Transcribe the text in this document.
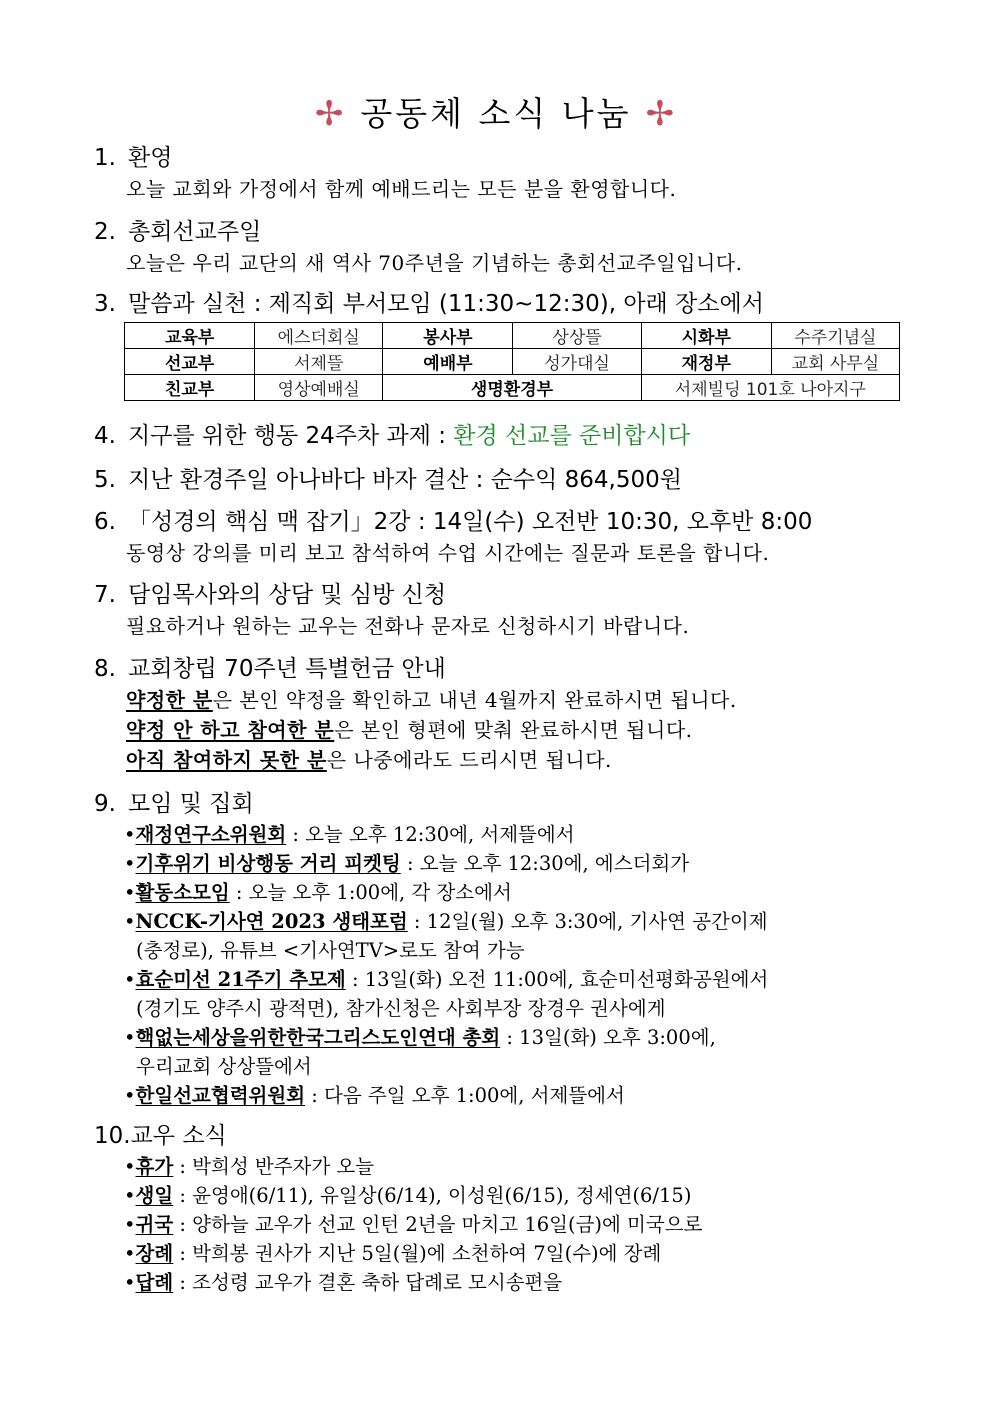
✢ 공동체 소식 나눔 ✢
1. 환영
오늘 교회와 가정에서 함께 예배드리는 모든 분을 환영합니다.
2. 총회선교주일
오늘은 우리 교단의 새 역사 70주년을 기념하는 총회선교주일입니다.
3. 말씀과 실천 : 제직회 부서모임 (11:30~12:30), 아래 장소에서
교육부	에스더회실	봉사부	상상뜰	시화부	수주기념실
선교부	서제뜰	예배부	성가대실	재정부	교회 사무실
친교부	영상예배실	생명환경부		서제빌딩 101호 나아지구	
4. 지구를 위한 행동 24주차 과제 : 환경 선교를 준비합시다
5. 지난 환경주일 아나바다 바자 결산 : 순수익 864,500원
6. 「성경의 핵심 맥 잡기」2강 : 14일(수) 오전반 10:30, 오후반 8:00
동영상 강의를 미리 보고 참석하여 수업 시간에는 질문과 토론을 합니다.
7. 담임목사와의 상담 및 심방 신청
필요하거나 원하는 교우는 전화나 문자로 신청하시기 바랍니다.
8. 교회창립 70주년 특별헌금 안내
약정한 분은 본인 약정을 확인하고 내년 4월까지 완료하시면 됩니다.
약정 안 하고 참여한 분은 본인 형편에 맞춰 완료하시면 됩니다.
아직 참여하지 못한 분은 나중에라도 드리시면 됩니다.
9. 모임 및 집회
•재정연구소위원회 : 오늘 오후 12:30에, 서제뜰에서
•기후위기 비상행동 거리 피켓팅 : 오늘 오후 12:30에, 에스더회가
•활동소모임 : 오늘 오후 1:00에, 각 장소에서
•NCCK-기사연 2023 생태포럼 : 12일(월) 오후 3:30에, 기사연 공간이제
(충정로), 유튜브 <기사연TV>로도 참여 가능
•효순미선 21주기 추모제 : 13일(화) 오전 11:00에, 효순미선평화공원에서
(경기도 양주시 광적면), 참가신청은 사회부장 장경우 권사에게
•핵없는세상을위한한국그리스도인연대 총회 : 13일(화) 오후 3:00에,
우리교회 상상뜰에서
•한일선교협력위원회 : 다음 주일 오후 1:00에, 서제뜰에서
10.교우 소식
•휴가 : 박희성 반주자가 오늘
•생일 : 윤영애(6/11), 유일상(6/14), 이성원(6/15), 정세연(6/15)
•귀국 : 양하늘 교우가 선교 인턴 2년을 마치고 16일(금)에 미국으로
•장례 : 박희봉 권사가 지난 5일(월)에 소천하여 7일(수)에 장례
•답례 : 조성령 교우가 결혼 축하 답례로 모시송편을
